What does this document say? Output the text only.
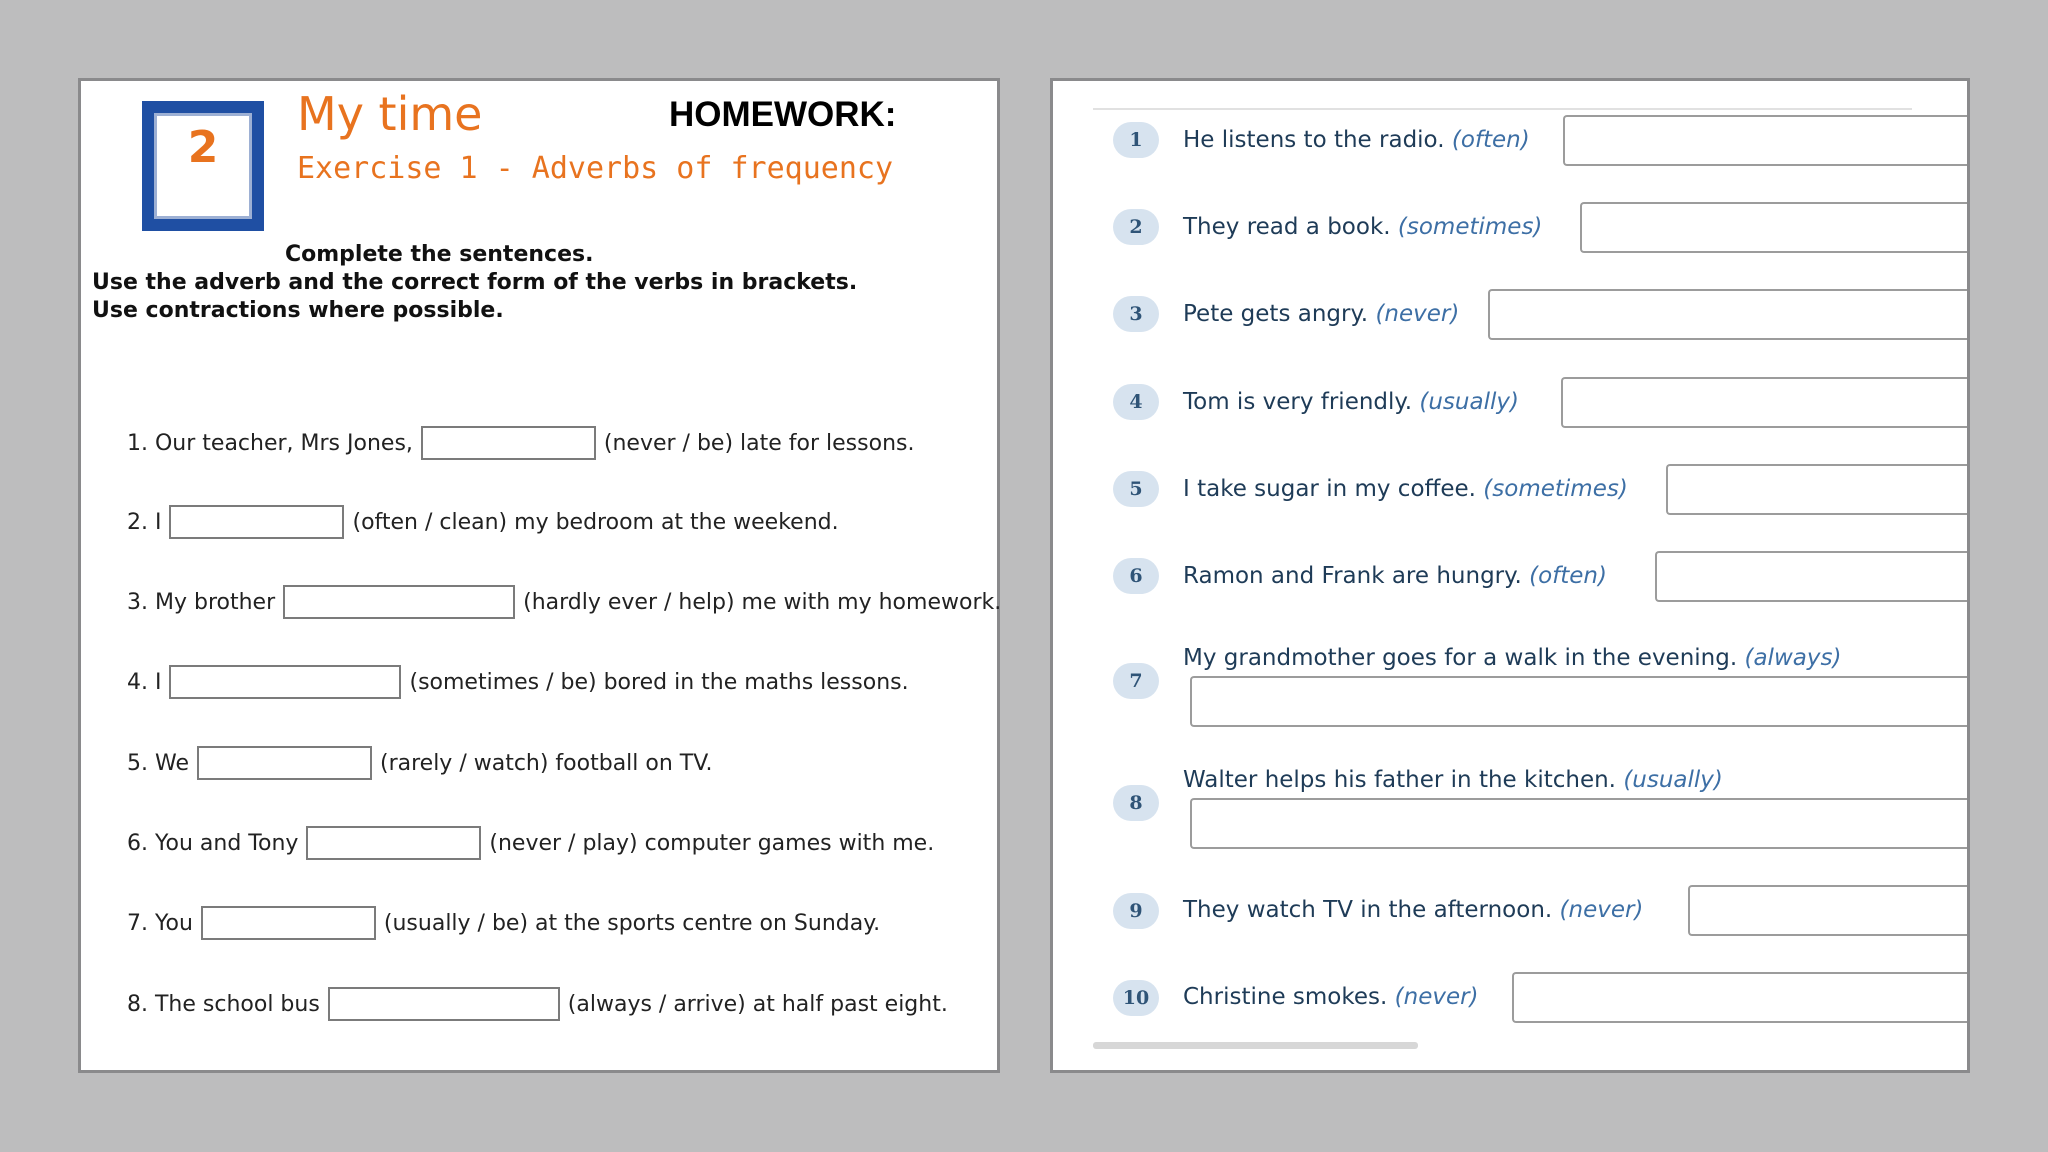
2
My time
Exercise 1 - Adverbs of frequency
HOMEWORK:
Complete the sentences.
Use the adverb and the correct form of the verbs in brackets.
Use contractions where possible.
1. Our teacher, Mrs Jones,	(never / be) late for lessons.
2. I	(often / clean) my bedroom at the weekend.
3. My brother	(hardly ever / help) me with my homework.
4. I	(sometimes / be) bored in the maths lessons.
5. We	(rarely / watch) football on TV.
6. You and Tony	(never / play) computer games with me.
7. You	(usually / be) at the sports centre on Sunday.
8. The school bus	(always / arrive) at half past eight.
1	He listens to the radio. (often)
2	They read a book. (sometimes)
3	Pete gets angry. (never)
4	Tom is very friendly. (usually)
5	I take sugar in my coffee. (sometimes)
6	Ramon and Frank are hungry. (often)
7
My grandmother goes for a walk in the evening. (always)
8
Walter helps his father in the kitchen. (usually)
9	They watch TV in the afternoon. (never)
10	Christine smokes. (never)
